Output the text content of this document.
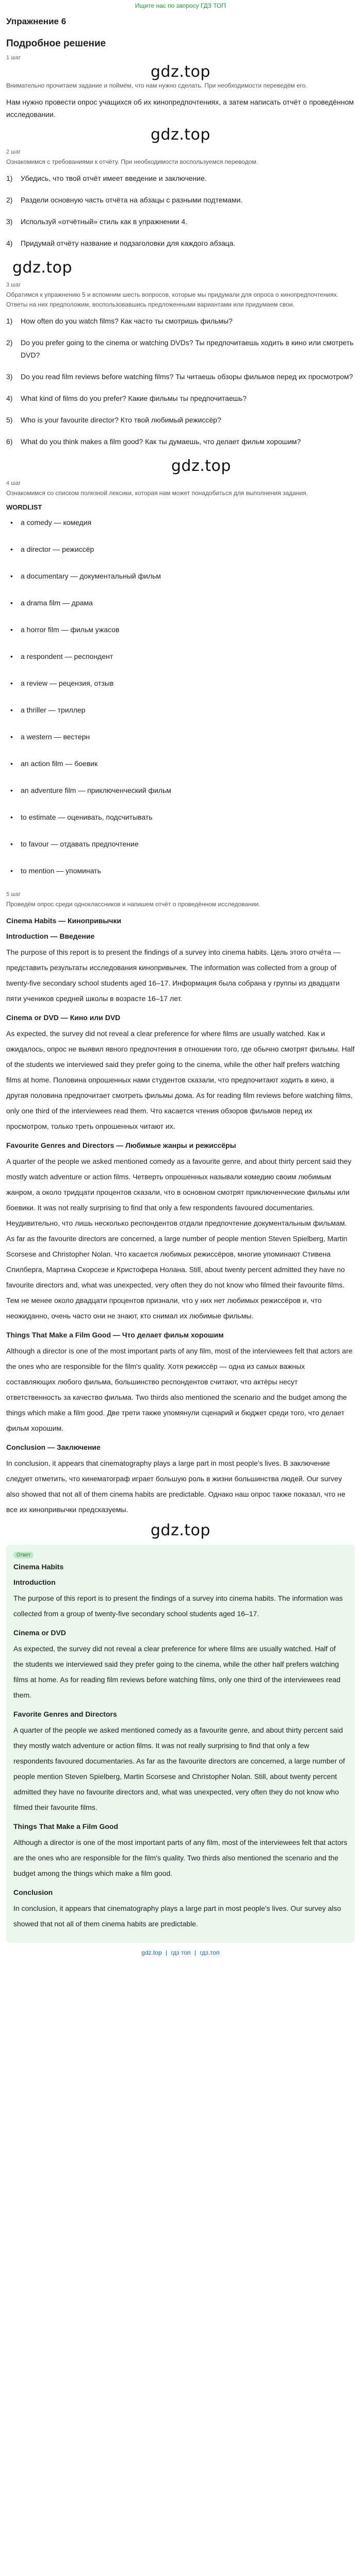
Ищите нас по запросу ГДЗ ТОП
Упражнение 6
Подробное решение
1 шаг
gdz.top

Внимательно прочитаем задание и поймём, что нам нужно сделать. При необходимости переведём его.

Нам нужно провести опрос учащихся об их кинопредпочтениях, а затем написать отчёт о проведённом исследовании.

gdz.top
2 шаг

Ознакомимся с требованиями к отчёту. При необходимости воспользуемся переводом.

1)	Убедись, что твой отчёт имеет введение и заключение.
2)	Раздели основную часть отчёта на абзацы с разными подтемами.
3)	Используй «отчётный» стиль как в упражнении 4.
4)	Придумай отчёту название и подзаголовки для каждого абзаца.
gdz.top
3 шаг

Обратимся к упражнению 5 и вспомним шесть вопросов, которые мы придумали для опроса о кинопредпочтениях. Ответы на них предположим, воспользовавшись предложенными вариантами или придумаем свои.

1)	How often do you watch films? Как часто ты смотришь фильмы?
2)	Do you prefer going to the cinema or watching DVDs? Ты предпочитаешь ходить в кино или смотреть DVD?
3)	Do you read film reviews before watching films? Ты читаешь обзоры фильмов перед их просмотром?
4)	What kind of films do you prefer? Какие фильмы ты предпочитаешь?
5)	Who is your favourite director? Кто твой любимый режиссёр?
6)	What do you think makes a film good? Как ты думаешь, что делает фильм хорошим?
gdz.top
4 шаг

Ознакомимся со списком полезной лексики, которая нам может понадобиться для выполнения задания.

WORDLIST
• a comedy — комедия
• a director — режиссёр
• a documentary — документальный фильм
• a drama film — драма
• a horror film — фильм ужасов
• a respondent — респондент
• a review — рецензия, отзыв
• a thriller — триллер
• a western — вестерн
• an action film — боевик
• an adventure film — приключенческий фильм
• to estimate — оценивать, подсчитывать
• to favour — отдавать предпочтение
• to mention — упоминать
5 шаг

Проведём опрос среди одноклассников и напишем отчёт о проведённом исследовании.

Cinema Habits — Кинопривычки
Introduction — Введение

The purpose of this report is to present the findings of a survey into cinema habits. Цель этого отчёта — представить результаты исследования кинопривычек. The information was collected from a group of twenty-five secondary school students aged 16–17. Информация была собрана у группы из двадцати пяти учеников средней школы в возрасте 16–17 лет.

Cinema or DVD — Кино или DVD

As expected, the survey did not reveal a clear preference for where films are usually watched. Как и ожидалось, опрос не выявил явного предпочтения в отношении того, где обычно смотрят фильмы. Half of the students we interviewed said they prefer going to the cinema, while the other half prefers watching films at home. Половина опрошенных нами студентов сказали, что предпочитают ходить в кино, а другая половина предпочитает смотреть фильмы дома. As for reading film reviews before watching films, only one third of the interviewees read them. Что касается чтения обзоров фильмов перед их просмотром, только треть опрошенных читают их.

Favourite Genres and Directors — Любимые жанры и режиссёры

A quarter of the people we asked mentioned comedy as a favourite genre, and about thirty percent said they mostly watch adventure or action films. Четверть опрошенных называли комедию своим любимым жанром, а около тридцати процентов сказали, что в основном смотрят приключенческие фильмы или боевики. It was not really surprising to find that only a few respondents favoured documentaries. Неудивительно, что лишь несколько респондентов отдали предпочтение документальным фильмам. As far as the favourite directors are concerned, a large number of people mention Steven Spielberg, Martin Scorsese and Christopher Nolan. Что касается любимых режиссёров, многие упоминают Стивена Спилберга, Мартина Скорсезе и Кристофера Нолана. Still, about twenty percent admitted they have no favourite directors and, what was unexpected, very often they do not know who filmed their favourite films. Тем не менее около двадцати процентов признали, что у них нет любимых режиссёров и, что неожиданно, очень часто они не знают, кто снимал их любимые фильмы.

Things That Make a Film Good — Что делает фильм хорошим

Although a director is one of the most important parts of any film, most of the interviewees felt that actors are the ones who are responsible for the film's quality. Хотя режиссёр — одна из самых важных составляющих любого фильма, большинство респондентов считают, что актёры несут ответственность за качество фильма. Two thirds also mentioned the scenario and the budget among the things which make a film good. Две трети также упомянули сценарий и бюджет среди того, что делает фильм хорошим.

Conclusion — Заключение

In conclusion, it appears that cinematography plays a large part in most people's lives. В заключение следует отметить, что кинематограф играет большую роль в жизни большинства людей. Our survey also showed that not all of them cinema habits are predictable. Однако наш опрос также показал, что не все их кинопривычки предсказуемы.

gdz.top
Ответ
Cinema Habits
Introduction

The purpose of this report is to present the findings of a survey into cinema habits. The information was collected from a group of twenty-five secondary school students aged 16–17.

Cinema or DVD

As expected, the survey did not reveal a clear preference for where films are usually watched. Half of the students we interviewed said they prefer going to the cinema, while the other half prefers watching films at home. As for reading film reviews before watching films, only one third of the interviewees read them.

Favorite Genres and Directors

A quarter of the people we asked mentioned comedy as a favourite genre, and about thirty percent said they mostly watch adventure or action films. It was not really surprising to find that only a few respondents favoured documentaries. As far as the favourite directors are concerned, a large number of people mention Steven Spielberg, Martin Scorsese and Christopher Nolan. Still, about twenty percent admitted they have no favourite directors and, what was unexpected, very often they do not know who filmed their favourite films.

Things That Make a Film Good

Although a director is one of the most important parts of any film, most of the interviewees felt that actors are the ones who are responsible for the film's quality. Two thirds also mentioned the scenario and the budget among the things which make a film good.

Conclusion

In conclusion, it appears that cinematography plays a large part in most people's lives. Our survey also showed that not all of them cinema habits are predictable.

gdz.top | гдз топ | гдз.топ
